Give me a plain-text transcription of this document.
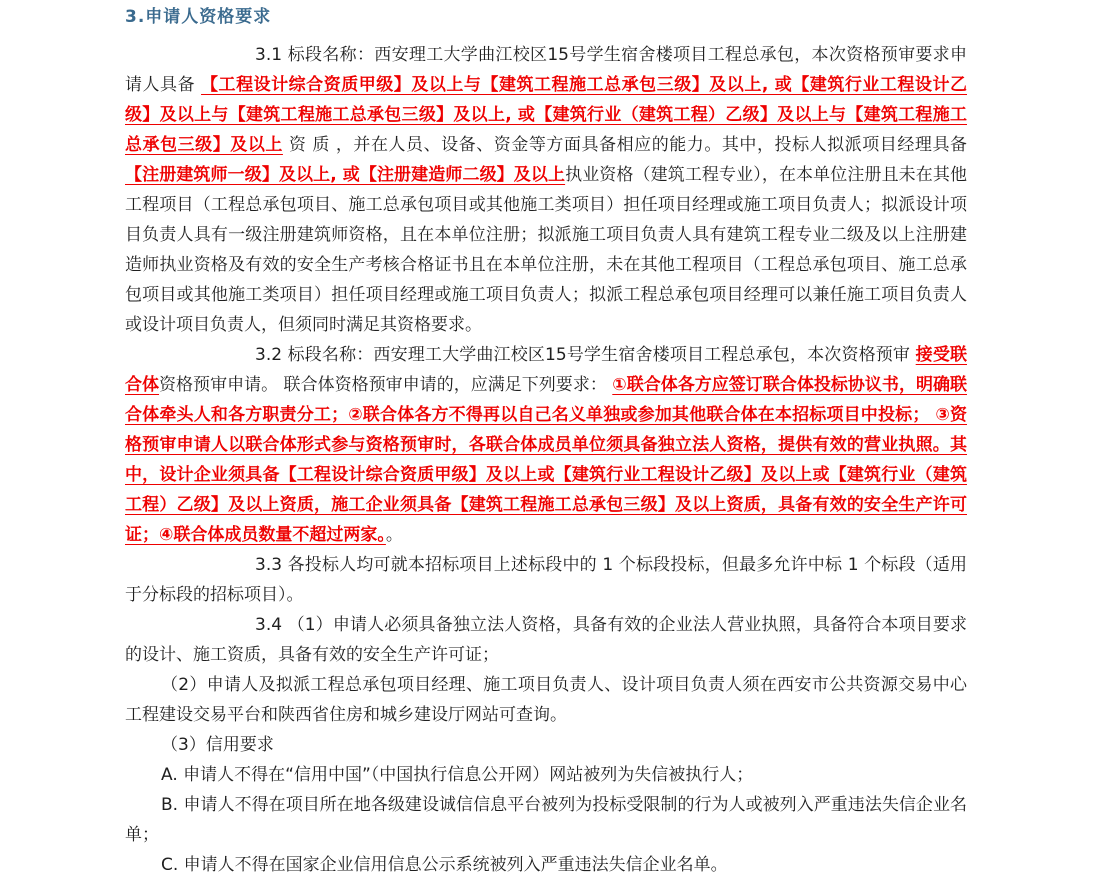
3.申请人资格要求

3.1 标段名称：西安理工大学曲江校区15号学生宿舍楼项目工程总承包，本次资格预审要求申请人具备 【工程设计综合资质甲级】及以上与【建筑工程施工总承包三级】及以上, 或【建筑行业工程设计乙级】及以上与【建筑工程施工总承包三级】及以上, 或【建筑行业（建筑工程）乙级】及以上与【建筑工程施工总承包三级】及以上 资 质 ，并在人员、设备、资金等方面具备相应的能力。其中，投标人拟派项目经理具备【注册建筑师一级】及以上, 或【注册建造师二级】及以上执业资格（建筑工程专业），在本单位注册且未在其他工程项目（工程总承包项目、施工总承包项目或其他施工类项目）担任项目经理或施工项目负责人；拟派设计项目负责人具有一级注册建筑师资格，且在本单位注册；拟派施工项目负责人具有建筑工程专业二级及以上注册建造师执业资格及有效的安全生产考核合格证书且在本单位注册，未在其他工程项目（工程总承包项目、施工总承包项目或其他施工类项目）担任项目经理或施工项目负责人；拟派工程总承包项目经理可以兼任施工项目负责人或设计项目负责人，但须同时满足其资格要求。

3.2 标段名称：西安理工大学曲江校区15号学生宿舍楼项目工程总承包，本次资格预审 接受联合体资格预审申请。 联合体资格预审申请的，应满足下列要求： ①联合体各方应签订联合体投标协议书，明确联合体牵头人和各方职责分工；②联合体各方不得再以自己名义单独或参加其他联合体在本招标项目中投标； ③资格预审申请人以联合体形式参与资格预审时，各联合体成员单位须具备独立法人资格，提供有效的营业执照。其中，设计企业须具备【工程设计综合资质甲级】及以上或【建筑行业工程设计乙级】及以上或【建筑行业（建筑工程）乙级】及以上资质，施工企业须具备【建筑工程施工总承包三级】及以上资质，具备有效的安全生产许可证；④联合体成员数量不超过两家。。

3.3 各投标人均可就本招标项目上述标段中的 1 个标段投标，但最多允许中标 1 个标段（适用于分标段的招标项目）。

3.4 （1）申请人必须具备独立法人资格，具备有效的企业法人营业执照，具备符合本项目要求的设计、施工资质，具备有效的安全生产许可证；

（2）申请人及拟派工程总承包项目经理、施工项目负责人、设计项目负责人须在西安市公共资源交易中心工程建设交易平台和陕西省住房和城乡建设厅网站可查询。

（3）信用要求

A. 申请人不得在“信用中国”（中国执行信息公开网）网站被列为失信被执行人；

B. 申请人不得在项目所在地各级建设诚信信息平台被列为投标受限制的行为人或被列入严重违法失信企业名单；

C. 申请人不得在国家企业信用信息公示系统被列入严重违法失信企业名单。
